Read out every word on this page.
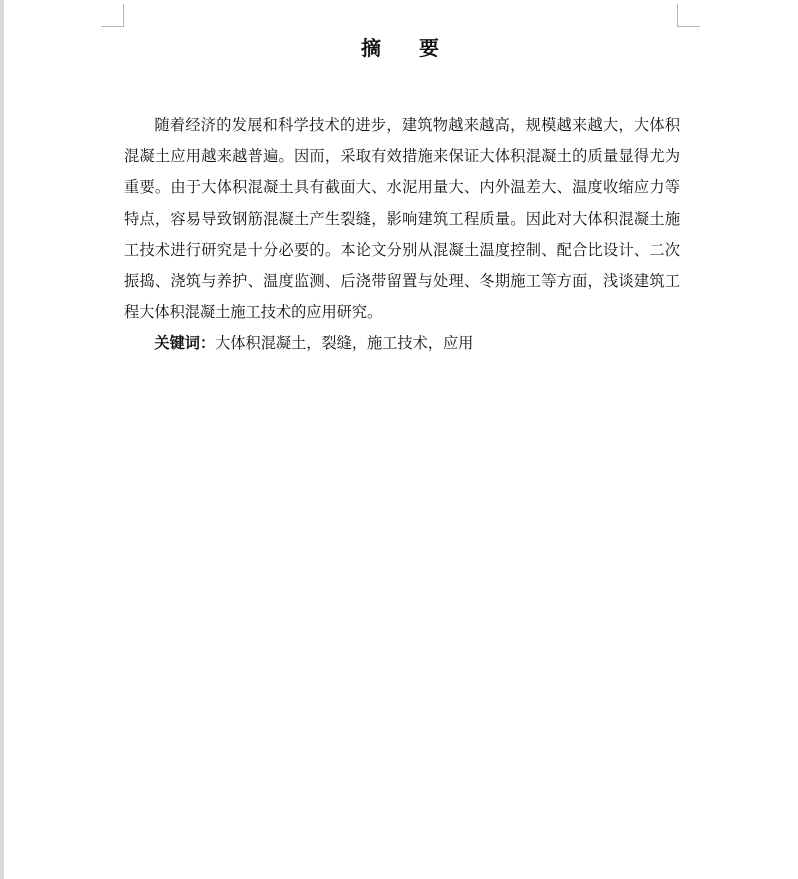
摘 要

随着经济的发展和科学技术的进步，建筑物越来越高，规模越来越大，大体积混凝土应用越来越普遍。因而，采取有效措施来保证大体积混凝土的质量显得尤为重要。由于大体积混凝土具有截面大、水泥用量大、内外温差大、温度收缩应力等特点，容易导致钢筋混凝土产生裂缝，影响建筑工程质量。因此对大体积混凝土施工技术进行研究是十分必要的。本论文分别从混凝土温度控制、配合比设计、二次振捣、浇筑与养护、温度监测、后浇带留置与处理、冬期施工等方面，浅谈建筑工程大体积混凝土施工技术的应用研究。

关键词：大体积混凝土，裂缝，施工技术，应用
